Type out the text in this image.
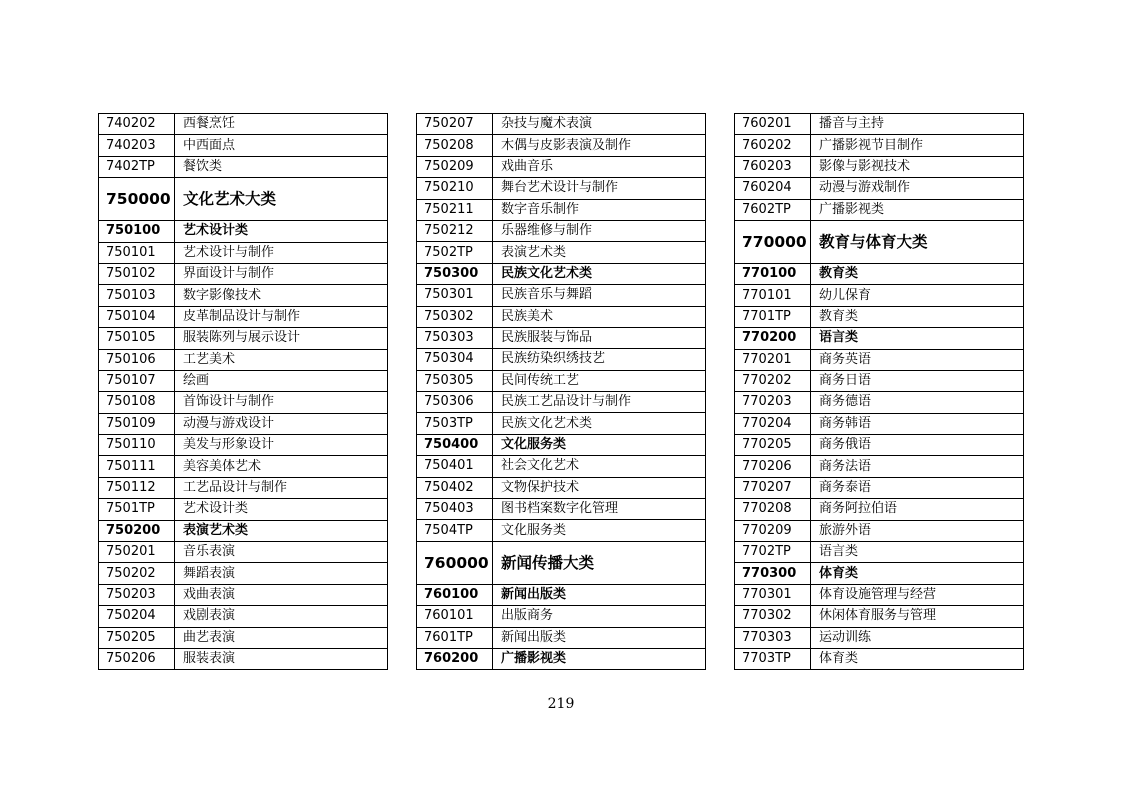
740202	西餐烹饪
740203	中西面点
7402TP	餐饮类
750000	文化艺术大类
750100	艺术设计类
750101	艺术设计与制作
750102	界面设计与制作
750103	数字影像技术
750104	皮革制品设计与制作
750105	服装陈列与展示设计
750106	工艺美术
750107	绘画
750108	首饰设计与制作
750109	动漫与游戏设计
750110	美发与形象设计
750111	美容美体艺术
750112	工艺品设计与制作
7501TP	艺术设计类
750200	表演艺术类
750201	音乐表演
750202	舞蹈表演
750203	戏曲表演
750204	戏剧表演
750205	曲艺表演
750206	服装表演
750207	杂技与魔术表演
750208	木偶与皮影表演及制作
750209	戏曲音乐
750210	舞台艺术设计与制作
750211	数字音乐制作
750212	乐器维修与制作
7502TP	表演艺术类
750300	民族文化艺术类
750301	民族音乐与舞蹈
750302	民族美术
750303	民族服装与饰品
750304	民族纺染织绣技艺
750305	民间传统工艺
750306	民族工艺品设计与制作
7503TP	民族文化艺术类
750400	文化服务类
750401	社会文化艺术
750402	文物保护技术
750403	图书档案数字化管理
7504TP	文化服务类
760000	新闻传播大类
760100	新闻出版类
760101	出版商务
7601TP	新闻出版类
760200	广播影视类
760201	播音与主持
760202	广播影视节目制作
760203	影像与影视技术
760204	动漫与游戏制作
7602TP	广播影视类
770000	教育与体育大类
770100	教育类
770101	幼儿保育
7701TP	教育类
770200	语言类
770201	商务英语
770202	商务日语
770203	商务德语
770204	商务韩语
770205	商务俄语
770206	商务法语
770207	商务泰语
770208	商务阿拉伯语
770209	旅游外语
7702TP	语言类
770300	体育类
770301	体育设施管理与经营
770302	休闲体育服务与管理
770303	运动训练
7703TP	体育类
219
